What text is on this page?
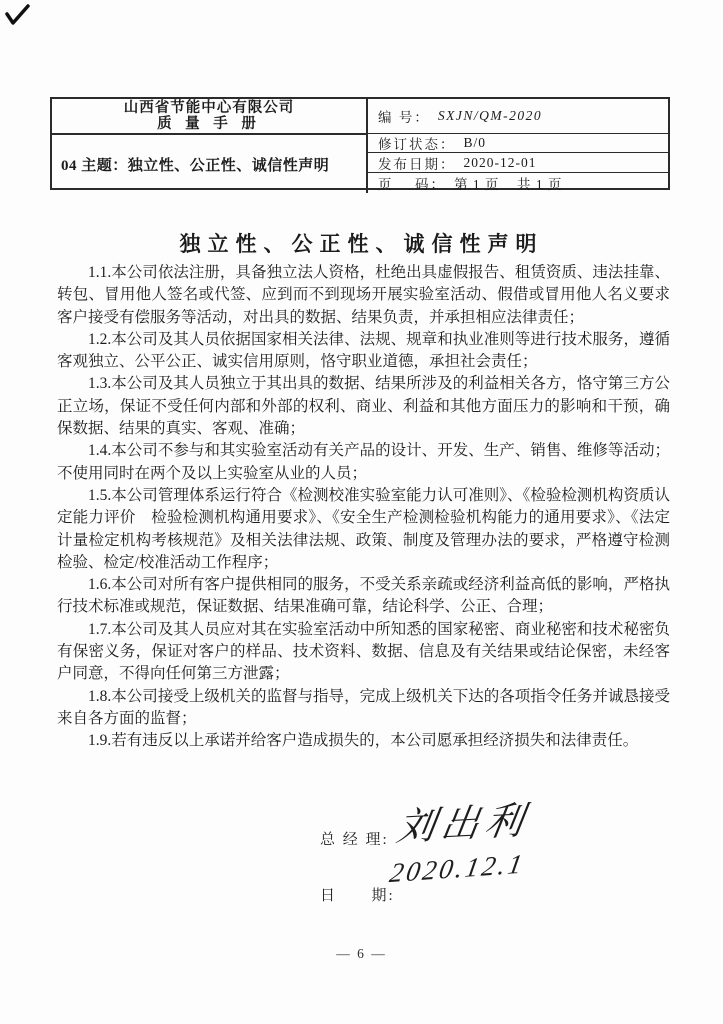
山西省节能中心有限公司
质 量 手 册
04 主题： 独立性、公正性、诚信性声明
编 号： SXJN/QM-2020
修订状态： B/0
发布日期： 2020-12-01
页    码： 第 1 页    共 1 页
独立性、公正性、诚信性声明

1.1.本公司依法注册，具备独立法人资格，杜绝出具虚假报告、租赁资质、违法挂靠、转包、冒用他人签名或代签、应到而不到现场开展实验室活动、假借或冒用他人名义要求客户接受有偿服务等活动，对出具的数据、结果负责，并承担相应法律责任；

1.2.本公司及其人员依据国家相关法律、法规、规章和执业准则等进行技术服务，遵循客观独立、公平公正、诚实信用原则，恪守职业道德，承担社会责任；

1.3.本公司及其人员独立于其出具的数据、结果所涉及的利益相关各方，恪守第三方公正立场，保证不受任何内部和外部的权利、商业、利益和其他方面压力的影响和干预，确保数据、结果的真实、客观、准确；

1.4.本公司不参与和其实验室活动有关产品的设计、开发、生产、销售、维修等活动；不使用同时在两个及以上实验室从业的人员；

1.5.本公司管理体系运行符合《检测校准实验室能力认可准则》、《检验检测机构资质认定能力评价　检验检测机构通用要求》、《安全生产检测检验机构能力的通用要求》、《法定计量检定机构考核规范》及相关法律法规、政策、制度及管理办法的要求，严格遵守检测检验、检定/校准活动工作程序；

1.6.本公司对所有客户提供相同的服务，不受关系亲疏或经济利益高低的影响，严格执行技术标准或规范，保证数据、结果准确可靠，结论科学、公正、合理；

1.7.本公司及其人员应对其在实验室活动中所知悉的国家秘密、商业秘密和技术秘密负有保密义务，保证对客户的样品、技术资料、数据、信息及有关结果或结论保密，未经客户同意，不得向任何第三方泄露；

1.8.本公司接受上级机关的监督与指导，完成上级机关下达的各项指令任务并诚恳接受来自各方面的监督；

1.9.若有违反以上承诺并给客户造成损失的，本公司愿承担经济损失和法律责任。

总 经 理: 刘出利
日      期:
2020.12.1
— 6 —
